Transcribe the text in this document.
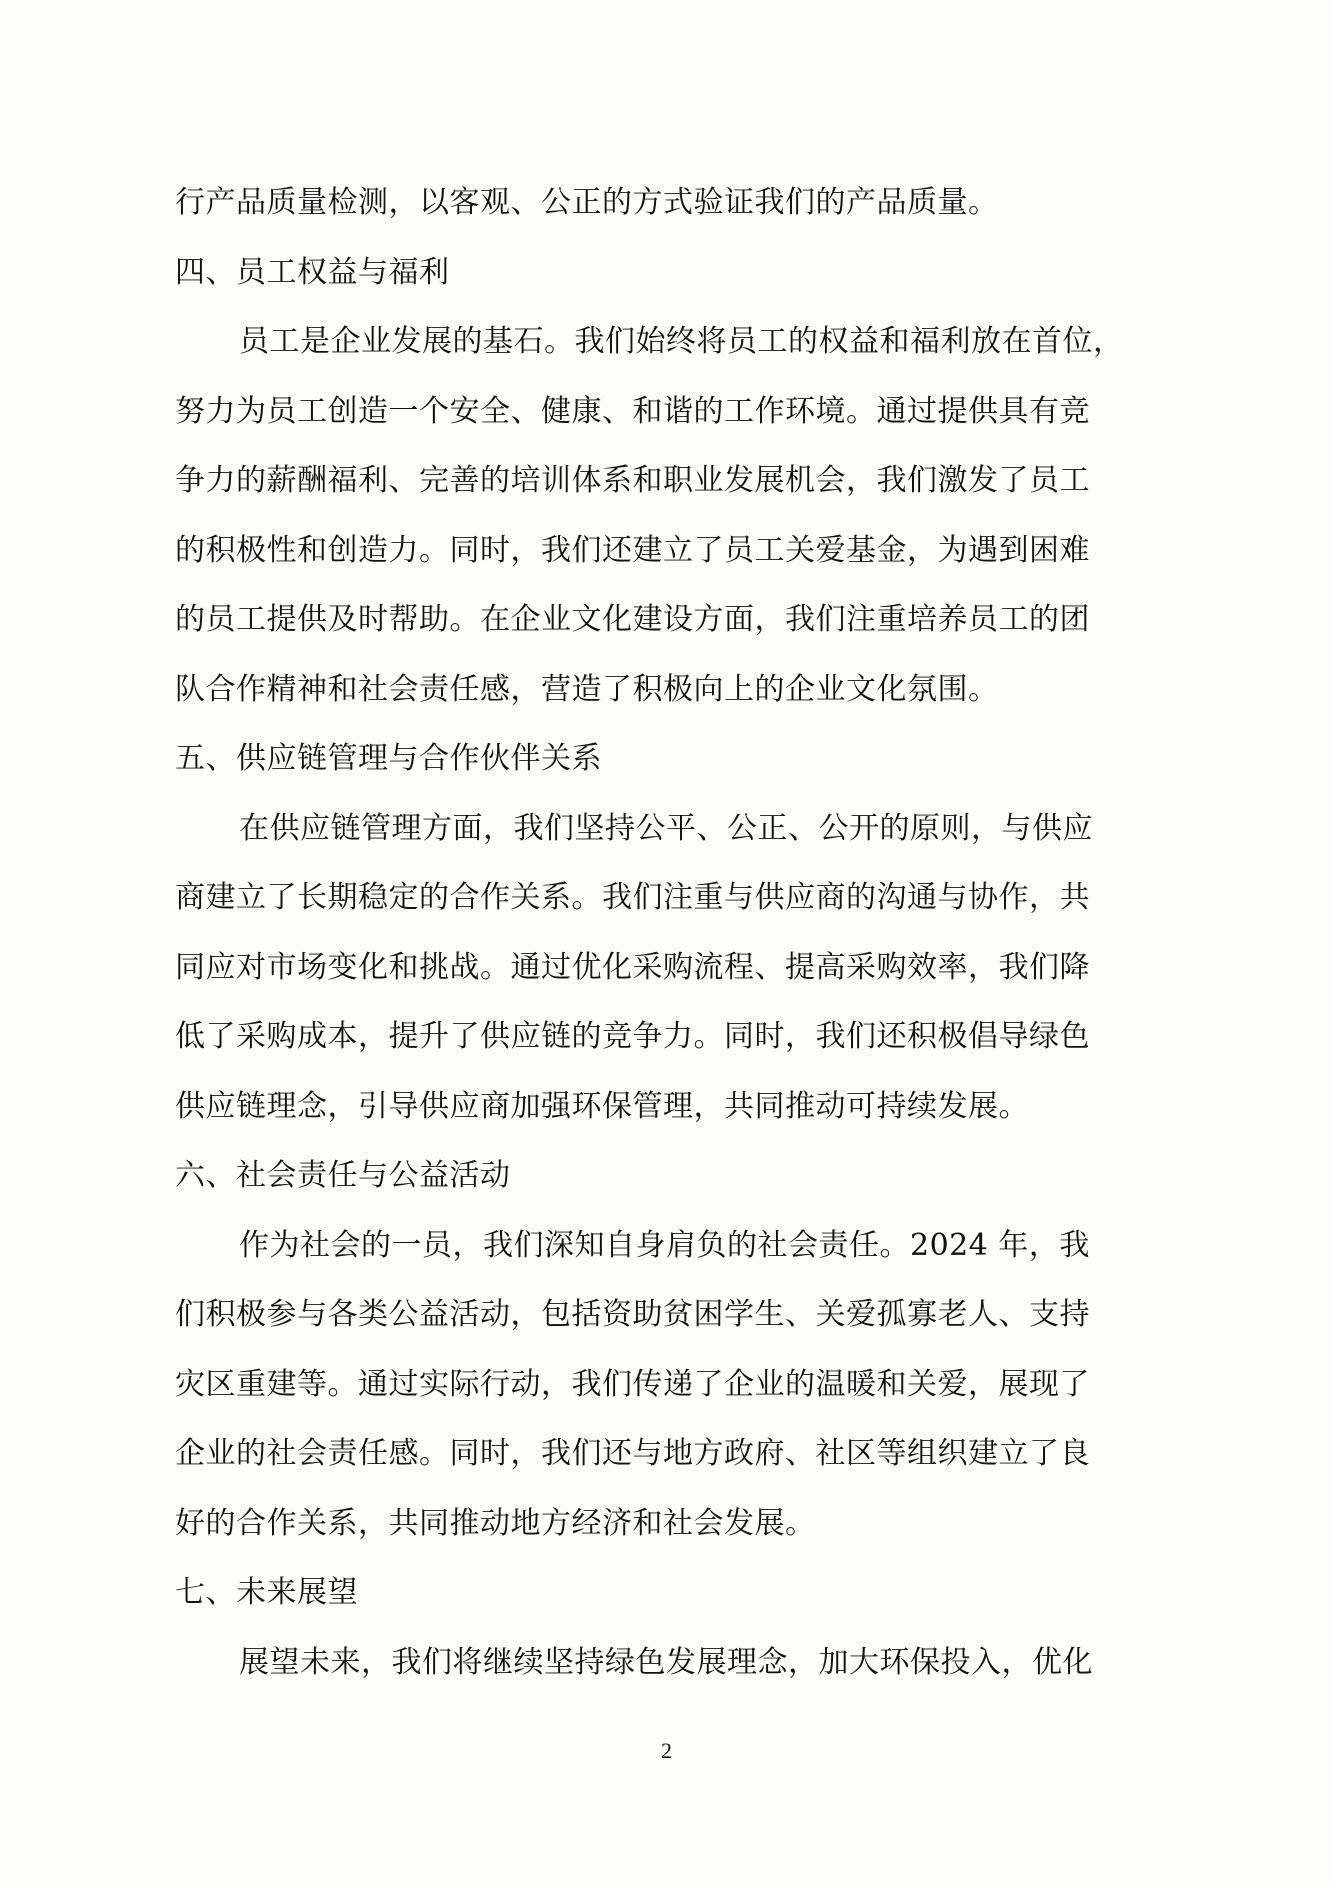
行产品质量检测，以客观、公正的方式验证我们的产品质量。
四、员工权益与福利
员工是企业发展的基石。我们始终将员工的权益和福利放在首位，
努力为员工创造一个安全、健康、和谐的工作环境。通过提供具有竞
争力的薪酬福利、完善的培训体系和职业发展机会，我们激发了员工
的积极性和创造力。同时，我们还建立了员工关爱基金，为遇到困难
的员工提供及时帮助。在企业文化建设方面，我们注重培养员工的团
队合作精神和社会责任感，营造了积极向上的企业文化氛围。
五、供应链管理与合作伙伴关系
在供应链管理方面，我们坚持公平、公正、公开的原则，与供应
商建立了长期稳定的合作关系。我们注重与供应商的沟通与协作，共
同应对市场变化和挑战。通过优化采购流程、提高采购效率，我们降
低了采购成本，提升了供应链的竞争力。同时，我们还积极倡导绿色
供应链理念，引导供应商加强环保管理，共同推动可持续发展。
六、社会责任与公益活动
作为社会的一员，我们深知自身肩负的社会责任。2024 年，我
们积极参与各类公益活动，包括资助贫困学生、关爱孤寡老人、支持
灾区重建等。通过实际行动，我们传递了企业的温暖和关爱，展现了
企业的社会责任感。同时，我们还与地方政府、社区等组织建立了良
好的合作关系，共同推动地方经济和社会发展。
七、未来展望
展望未来，我们将继续坚持绿色发展理念，加大环保投入，优化
2
